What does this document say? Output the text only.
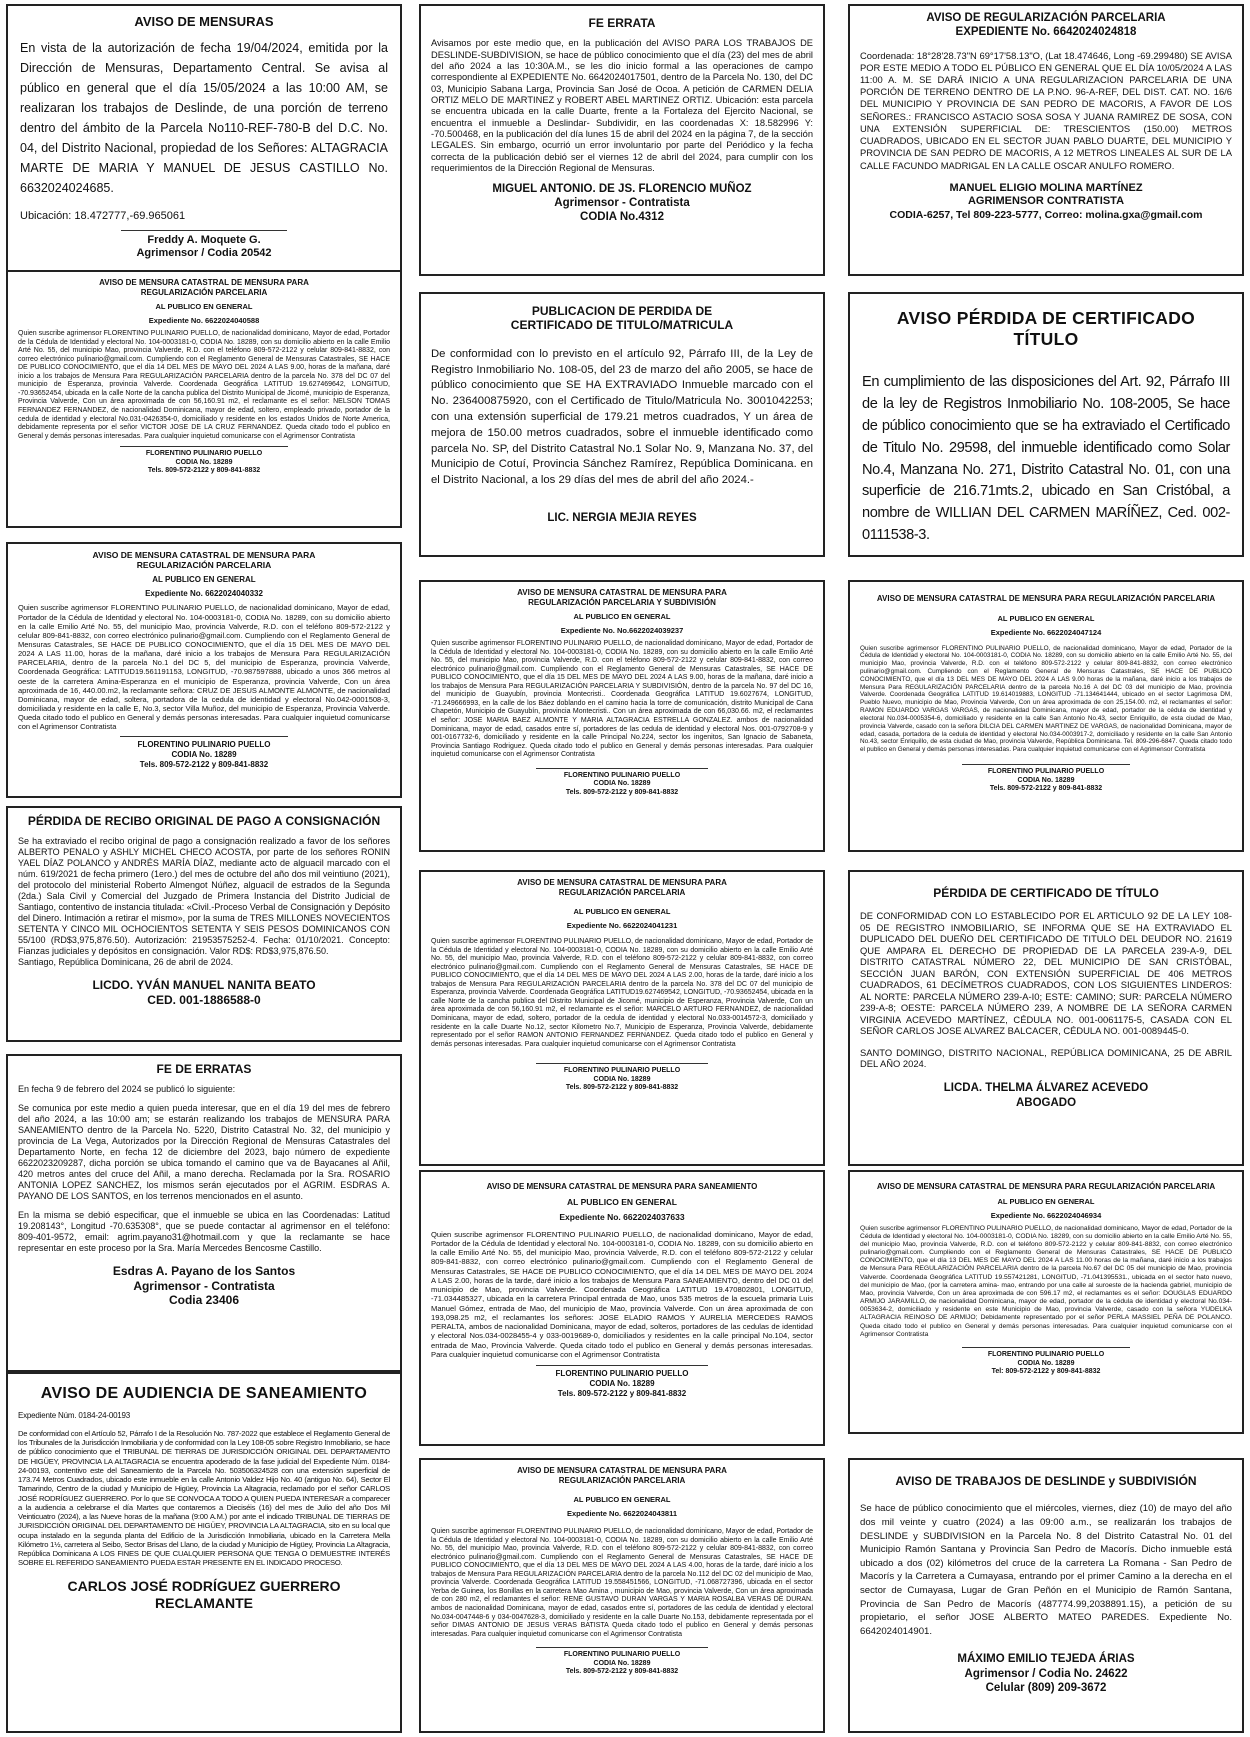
AVISO DE MENSURAS
En vista de la autorización de fecha 19/04/2024, emitida por la Dirección de Mensuras, Departamento Central. Se avisa al público en general que el día 15/05/2024 a las 10:00 AM, se realizaran los trabajos de Deslinde, de una porción de terreno dentro del ámbito de la Parcela No110-REF-780-B del D.C. No. 04, del Distrito Nacional, propiedad de los Señores: ALTAGRACIA MARTE DE MARIA Y MANUEL DE JESUS CASTILLO No. 6632024024685.
Ubicación: 18.472777,-69.965061
Freddy A. Moquete G.
Agrimensor / Codia 20542
AVISO DE MENSURA CATASTRAL DE MENSURA PARA
REGULARIZACIÓN PARCELARIA
AL PUBLICO EN GENERAL
Expediente No. 6622024040588
Quien suscribe agrimensor FLORENTINO PULINARIO PUELLO, de nacionalidad dominicano, Mayor de edad, Portador de la Cédula de Identidad y electoral No. 104-0003181-0, CODIA No. 18289, con su domicilio abierto en la calle Emilio Arté No. 55, del municipio Mao, provincia Valverde, R.D. con el teléfono 809-572-2122 y celular 809-841-8832, con correo electrónico pulinario@gmail.com. Cumpliendo con el Reglamento General de Mensuras Catastrales, SE HACE DE PUBLICO CONOCIMIENTO, que el día 14 DEL MES DE MAYO DEL 2024 A LAS 9.00, horas de la mañana, daré inicio a los trabajos de Mensura Para REGULARIZACIÓN PARCELARIA dentro de la parcela No. 378 del DC 07 del municipio de Esperanza, provincia Valverde. Coordenada Geográfica LATITUD 19.627469642, LONGITUD, -70.93652454, ubicada en la calle Norte de la cancha publica del Distrito Municipal de Jicomé, municipio de Esperanza, Provincia Valverde, Con un área aproximada de con 56,160.91 m2, el reclamante es el señor: NELSON TOMAS FERNANDEZ FERNANDEZ, de nacionalidad Dominicana, mayor de edad, soltero, empleado privado, portador de la cedula de identidad y electoral No.031-0426354-0, domiciliado y residente en los estados Unidos de Norte America, debidamente representa por el señor VICTOR JOSE DE LA CRUZ FERNANDEZ. Queda citado todo el publico en General y demás personas interesadas. Para cualquier inquietud comunicarse con el Agrimensor Contratista
FLORENTINO PULINARIO PUELLO
CODIA No. 18289
Tels. 809-572-2122 y 809-841-8832
AVISO DE MENSURA CATASTRAL DE MENSURA PARA
REGULARIZACIÓN PARCELARIA
AL PUBLICO EN GENERAL
Expediente No. 6622024040332
Quien suscribe agrimensor FLORENTINO PULINARIO PUELLO, de nacionalidad dominicano, Mayor de edad, Portador de la Cédula de Identidad y electoral No. 104-0003181-0, CODIA No. 18289, con su domicilio abierto en la calle Emilio Arté No. 55, del municipio Mao, provincia Valverde, R.D. con el teléfono 809-572-2122 y celular 809-841-8832, con correo electrónico pulinario@gmail.com. Cumpliendo con el Reglamento General de Mensuras Catastrales, SE HACE DE PUBLICO CONOCIMIENTO, que el día 15 DEL MES DE MAYO DEL 2024 A LAS 11.00, horas de la mañana, daré inicio a los trabajos de Mensura Para REGULARIZACIÓN PARCELARIA, dentro de la parcela No.1 del DC 5, del municipio de Esperanza, provincia Valverde, Coordenada Geográfica: LATITUD19.561191153, LONGITUD, -70.987597888, ubicado a unos 366 metros al oeste de la carretera Amina-Esperanza en el municipio de Esperanza, provincia Valverde, Con un área aproximada de 16, 440.00.m2, la reclamante señora: CRUZ DE JESUS ALMONTE ALMONTE, de nacionalidad Dominicana, mayor de edad, soltera, portadora de la cedula de identidad y electoral No.042-0001508-3, domiciliada y residente en la calle E, No.3, sector Villa Muñoz, del municipio de Esperanza, Provincia Valverde. Queda citado todo el publico en General y demás personas interesadas. Para cualquier inquietud comunicarse con el Agrimensor Contratista
FLORENTINO PULINARIO PUELLO
CODIA No. 18289
Tels. 809-572-2122 y 809-841-8832
PÉRDIDA DE RECIBO ORIGINAL DE PAGO A CONSIGNACIÓN
Se ha extraviado el recibo original de pago a consignación realizado a favor de los señores ALBERTO PENALO y ASHLY MICHEL CHECO ACOSTA, por parte de los señores RONIN YAEL DÍAZ POLANCO y ANDRÉS MARÍA DÍAZ, mediante acto de alguacil marcado con el núm. 619/2021 de fecha primero (1ero.) del mes de octubre del año dos mil veintiuno (2021), del protocolo del ministerial Roberto Almengot Núñez, alguacil de estrados de la Segunda (2da.) Sala Civil y Comercial del Juzgado de Primera Instancia del Distrito Judicial de Santiago, contentivo de instancia titulada: «Civil.-Proceso Verbal de Consignación y Depósito del Dinero. Intimación a retirar el mismo», por la suma de TRES MILLONES NOVECIENTOS SETENTA Y CINCO MIL OCHOCIENTOS SETENTA Y SEIS PESOS DOMINICANOS CON 55/100 (RD$3,975,876.50). Autorización: 21953575252-4. Fecha: 01/10/2021. Concepto: Fianzas judiciales y depósitos en consignación. Valor RD$: RD$3,975,876.50.
Santiago, República Dominicana, 26 de abril de 2024.
LICDO. YVÁN MANUEL NANITA BEATO
CED. 001-1886588-0
FE DE ERRATAS
En fecha 9 de febrero del 2024 se publicó lo siguiente:
Se comunica por este medio a quien pueda interesar, que en el día 19 del mes de febrero del año 2024, a las 10:00 am; se estarán realizando los trabajos de MENSURA PARA SANEAMIENTO dentro de la Parcela No. 5220, Distrito Catastral No. 32, del municipio y provincia de La Vega, Autorizados por la Dirección Regional de Mensuras Catastrales del Departamento Norte, en fecha 12 de diciembre del 2023, bajo número de expediente 6622023209287, dicha porción se ubica tomando el camino que va de Bayacanes al Añil, 420 metros antes del cruce del Añil, a mano derecha. Reclamada por la Sra. ROSARIO ANTONIA LOPEZ SANCHEZ, los mismos serán ejecutados por el AGRIM. ESDRAS A. PAYANO DE LOS SANTOS, en los terrenos mencionados en el asunto.
En la misma se debió especificar, que el inmueble se ubica en las Coordenadas: Latitud 19.208143°, Longitud -70.635308°, que se puede contactar al agrimensor en el teléfono: 809-401-9572, email: agrim.payano31@hotmail.com y que la reclamante se hace representar en este proceso por la Sra. María Mercedes Bencosme Castillo.
Esdras A. Payano de los Santos
Agrimensor - Contratista
Codia 23406
AVISO DE AUDIENCIA DE SANEAMIENTO
Expediente Núm. 0184-24-00193
De conformidad con el Artículo 52, Párrafo I de la Resolución No. 787-2022 que establece el Reglamento General de los Tribunales de la Jurisdicción Inmobiliaria y de conformidad con la Ley 108-05 sobre Registro Inmobiliario, se hace de público conocimiento que el TRIBUNAL DE TIERRAS DE JURISDICCIÓN ORIGINAL DEL DEPARTAMENTO DE HIGÜEY, PROVINCIA LA ALTAGRACIA se encuentra apoderado de la fase judicial del Expediente Núm. 0184-24-00193, contentivo este del Saneamiento de la Parcela No. 503506324528 con una extensión superficial de 173.74 Metros Cuadrados, ubicado este inmueble en la calle Antonio Valdez Hijo No. 40 (antiguo No. 64), Sector El Tamarindo, Centro de la ciudad y Municipio de Higüey, Provincia La Altagracia, reclamado por el señor CARLOS JOSÉ RODRÍGUEZ GUERRERO. Por lo que SE CONVOCA A TODO A QUIEN PUEDA INTERESAR a comparecer a la audiencia a celebrarse el día Martes que contaremos a Dieciséis (16) del mes de Julio del año Dos Mil Veinticuatro (2024), a las Nueve horas de la mañana (9:00 A.M.) por ante el indicado TRIBUNAL DE TIERRAS DE JURISDICCIÓN ORIGINAL DEL DEPARTAMENTO DE HIGÜEY, PROVINCIA LA ALTAGRACIA, sito en su local que ocupa instalado en la segunda planta del Edificio de la Jurisdicción Inmobiliaria, ubicado en la Carretera Mella Kilómetro 1½, carretera al Seibo, Sector Brisas del Llano, de la ciudad y Municipio de Higüey, Provincia La Altagracia, República Dominicana A LOS FINES DE QUE CUALQUIER PERSONA QUE TENGA O DEMUESTRE INTERÉS SOBRE EL REFERIDO SANEAMIENTO PUEDA ESTAR PRESENTE EN EL INDICADO PROCESO.
CARLOS JOSÉ RODRÍGUEZ GUERRERO
RECLAMANTE
FE ERRATA
Avisamos por este medio que, en la publicación del AVISO PARA LOS TRABAJOS DE DESLINDE-SUBDIVISION, se hace de público conocimiento que el día (23) del mes de abril del año 2024 a las 10:30A.M., se les dio inicio formal a las operaciones de campo correspondiente al EXPEDIENTE No. 6642024017501, dentro de la Parcela No. 130, del DC 03, Municipio Sabana Larga, Provincia San José de Ocoa. A petición de CARMEN DELIA ORTIZ MELO DE MARTINEZ y ROBERT ABEL MARTINEZ ORTIZ. Ubicación: esta parcela se encuentra ubicada en la calle Duarte, frente a la Fortaleza del Ejercito Nacional, se encuentra el inmueble a Deslindar- Subdividir, en las coordenadas X: 18.582996 Y: -70.500468, en la publicación del día lunes 15 de abril del 2024 en la página 7, de la sección LEGALES. Sin embargo, ocurrió un error involuntario por parte del Periódico y la fecha correcta de la publicación debió ser el viernes 12 de abril del 2024, para cumplir con los requerimientos de la Dirección Regional de Mensuras.
MIGUEL ANTONIO. DE JS. FLORENCIO MUÑOZ
Agrimensor - Contratista
CODIA No.4312
PUBLICACION DE PERDIDA DE
CERTIFICADO DE TITULO/MATRICULA
De conformidad con lo previsto en el artículo 92, Párrafo III, de la Ley de Registro Inmobiliario No. 108-05, del 23 de marzo del año 2005, se hace de público conocimiento que SE HA EXTRAVIADO Inmueble marcado con el No. 236400875920, con el Certificado de Titulo/Matricula No. 3001042253; con una extensión superficial de 179.21 metros cuadrados, Y un área de mejora de 150.00 metros cuadrados, sobre el inmueble identificado como parcela No. SP, del Distrito Catastral No.1 Solar No. 9, Manzana No. 37, del Municipio de Cotuí, Provincia Sánchez Ramírez, República Dominicana. en el Distrito Nacional, a los 29 días del mes de abril del año 2024.-
LIC. NERGIA MEJIA REYES
AVISO DE MENSURA CATASTRAL DE MENSURA PARA
REGULARIZACIÓN PARCELARIA Y SUBDIVISIÓN
AL PUBLICO EN GENERAL
Expediente No. No.6622024039237
Quien suscribe agrimensor FLORENTINO PULINARIO PUELLO, de nacionalidad dominicano, Mayor de edad, Portador de la Cédula de Identidad y electoral No. 104-0003181-0, CODIA No. 18289, con su domicilio abierto en la calle Emilio Arté No. 55, del municipio Mao, provincia Valverde, R.D. con el teléfono 809-572-2122 y celular 809-841-8832, con correo electrónico pulinario@gmail.com. Cumpliendo con el Reglamento General de Mensuras Catastrales, SE HACE DE PUBLICO CONOCIMIENTO, que el día 15 DEL MES DE MAYO DEL 2024 A LAS 9.00, horas de la mañana, daré inicio a los trabajos de Mensura Para REGULARIZACIÓN PARCELARIA Y SUBDIVISIÓN, dentro de la parcela No. 97 del DC 16, del municipio de Guayubín, provincia Montecristi.. Coordenada Geográfica LATITUD 19.6027674, LONGITUD, -71.249666993, en la calle de los Báez doblando en el camino hacia la torre de comunicación, distrito Municipal de Cana Chapetón, Municipio de Guayubín, provincia Montecristi.. Con un área aproximada de con 66,030.66. m2, el reclamantes el señor: JOSE MARIA BAEZ ALMONTE Y MARIA ALTAGRACIA ESTRELLA GONZALEZ. ambos de nacionalidad Dominicana, mayor de edad, casados entre sí, portadores de las cedula de identidad y electoral Nos. 001-0792708-9 y 001-0167732-6, domiciliado y residente en la calle Principal No.224, sector los ingenitos, San Ignacio de Sabaneta, Provincia Santiago Rodriguez. Queda citado todo el publico en General y demás personas interesadas. Para cualquier inquietud comunicarse con el Agrimensor Contratista
FLORENTINO PULINARIO PUELLO
CODIA No. 18289
Tels. 809-572-2122 y 809-841-8832
AVISO DE MENSURA CATASTRAL DE MENSURA PARA
REGULARIZACIÓN PARCELARIA
AL PUBLICO EN GENERAL
Expediente No. 6622024041231
Quien suscribe agrimensor FLORENTINO PULINARIO PUELLO, de nacionalidad dominicano, Mayor de edad, Portador de la Cédula de Identidad y electoral No. 104-0003181-0, CODIA No. 18289, con su domicilio abierto en la calle Emilio Arté No. 55, del municipio Mao, provincia Valverde, R.D. con el teléfono 809-572-2122 y celular 809-841-8832, con correo electrónico pulinario@gmail.com. Cumpliendo con el Reglamento General de Mensuras Catastrales, SE HACE DE PUBLICO CONOCIMIENTO, que el día 14 DEL MES DE MAYO DEL 2024 A LAS 2.00, horas de la tarde, daré inicio a los trabajos de Mensura Para REGULARIZACIÓN PARCELARIA dentro de la parcela No. 378 del DC 07 del municipio de Esperanza, provincia Valverde. Coordenada Geográfica LATITUD19.627469542, LONGITUD, -70.93652454, ubicada en la calle Norte de la cancha publica del Distrito Municipal de Jicomé, municipio de Esperanza, Provincia Valverde, Con un área aproximada de con 56,160.91 m2, el reclamante es el señor: MARCELO ARTURO FERNANDEZ, de nacionalidad Dominicana, mayor de edad, soltero, portador de la cedula de identidad y electoral No.033-0014572-3, domiciliado y residente en la calle Duarte No.12, sector Kilometro No.7, Municipio de Esperanza, Provincia Valverde, debidamente representado por el señor RAMON ANTONIO FERNANDEZ FERNANDEZ. Queda citado todo el publico en General y demás personas interesadas. Para cualquier inquietud comunicarse con el Agrimensor Contratista
FLORENTINO PULINARIO PUELLO
CODIA No. 18289
Tels. 809-572-2122 y 809-841-8832
AVISO DE MENSURA CATASTRAL DE MENSURA PARA SANEAMIENTO
AL PUBLICO EN GENERAL
Expediente No. 6622024037633
Quien suscribe agrimensor FLORENTINO PULINARIO PUELLO, de nacionalidad dominicano, Mayor de edad, Portador de la Cédula de Identidad y electoral No. 104-0003181-0, CODIA No. 18289, con su domicilio abierto en la calle Emilio Arté No. 55, del municipio Mao, provincia Valverde, R.D. con el teléfono 809-572-2122 y celular 809-841-8832, con correo electrónico pulinario@gmail.com. Cumpliendo con el Reglamento General de Mensuras Catastrales, SE HACE DE PUBLICO CONOCIMIENTO, que el día 14 DEL MES DE MAYO DEL 2024 A LAS 2.00, horas de la tarde, daré inicio a los trabajos de Mensura Para SANEAMIENTO, dentro del DC 01 del municipio de Mao, provincia Valverde. Coordenada Geográfica LATITUD 19.470802801, LONGITUD, -71.034485327, ubicada en la carretera Principal entrada de Mao, unos 535 metros de la escuela primaria Luis Manuel Gómez, entrada de Mao, del municipio de Mao, provincia Valverde. Con un área aproximada de con 193,098.25 m2, el reclamantes los señores: JOSE ELADIO RAMOS Y AURELIA MERCEDES RAMOS PERALTA, ambos de nacionalidad Dominicana, mayor de edad, solteros, portadores de las cedulas de identidad y electoral Nos.034-0028455-4 y 033-0019689-0, domiciliados y residentes en la calle principal No.104, sector entrada de Mao, Provincia Valverde. Queda citado todo el publico en General y demás personas interesadas. Para cualquier inquietud comunicarse con el Agrimensor Contratista
FLORENTINO PULINARIO PUELLO
CODIA No. 18289
Tels. 809-572-2122 y 809-841-8832
AVISO DE MENSURA CATASTRAL DE MENSURA PARA
REGULARIZACIÓN PARCELARIA
AL PUBLICO EN GENERAL
Expediente No. 6622024043811
Quien suscribe agrimensor FLORENTINO PULINARIO PUELLO, de nacionalidad dominicano, Mayor de edad, Portador de la Cédula de Identidad y electoral No. 104-0003181-0, CODIA No. 18289, con su domicilio abierto en la calle Emilio Arté No. 55, del municipio Mao, provincia Valverde, R.D. con el teléfono 809-572-2122 y celular 809-841-8832, con correo electrónico pulinario@gmail.com. Cumpliendo con el Reglamento General de Mensuras Catastrales, SE HACE DE PUBLICO CONOCIMIENTO, que el día 13 DEL MES DE MAYO DEL 2024 A LAS 4.00, horas de la tarde, daré inicio a los trabajos de Mensura Para REGULARIZACIÓN PARCELARIA dentro de la parcela No.112 del DC 02 del municipio de Mao, provincia Valverde. Coordenada Geográfica LATITUD 19.558451566, LONGITUD, -71.068727396, ubicada en el sector Yerba de Guinea, los Bonillas en la carretera Mao Amina , municipio de Mao, provincia Valverde, Con un área aproximada de con 280 m2, el reclamantes el señor: RENE GUSTAVO DURAN VARGAS Y MARIA ROSALBA VERAS DE DURAN. ambos de nacionalidad Dominicana, mayor de edad, casados entre sí, portadores de las cedula de identidad y electoral No.034-0047448-6 y 034-0047628-3, domiciliado y residente en la calle Duarte No.153, debidamente representada por el señor DIMAS ANTONIO DE JESUS VERAS BATISTA Queda citado todo el publico en General y demás personas interesadas. Para cualquier inquietud comunicarse con el Agrimensor Contratista
FLORENTINO PULINARIO PUELLO
CODIA No. 18289
Tels. 809-572-2122 y 809-841-8832
AVISO DE REGULARIZACIÓN PARCELARIA
EXPEDIENTE No. 6642024024818
Coordenada: 18°28'28.73"N 69°17'58.13"O, (Lat 18.474646, Long -69.299480) SE AVISA POR ESTE MEDIO A TODO EL PÚBLICO EN GENERAL QUE EL DÍA 10/05/2024 A LAS 11:00 A. M. SE DARÁ INICIO A UNA REGULARIZACION PARCELARIA DE UNA PORCIÓN DE TERRENO DENTRO DE LA P.NO. 96-A-REF, DEL DIST. CAT. NO. 16/6 DEL MUNICIPIO Y PROVINCIA DE SAN PEDRO DE MACORIS, A FAVOR DE LOS SEÑORES.: FRANCISCO ASTACIO SOSA SOSA Y JUANA RAMIREZ DE SOSA, CON UNA EXTENSIÓN SUPERFICIAL DE: TRESCIENTOS (150.00) METROS CUADRADOS, UBICADO EN EL SECTOR JUAN PABLO DUARTE, DEL MUNICIPIO Y PROVINCIA DE SAN PEDRO DE MACORIS, A 12 METROS LINEALES AL SUR DE LA CALLE FACUNDO MADRIGAL EN LA CALLE OSCAR ANULFO ROMERO.
MANUEL ELIGIO MOLINA MARTÍNEZ
AGRIMENSOR CONTRATISTA
CODIA-6257, Tel 809-223-5777, Correo: molina.gxa@gmail.com
AVISO PÉRDIDA DE CERTIFICADO TÍTULO
En cumplimiento de las disposiciones del Art. 92, Párrafo III de la ley de Registros Inmobiliario No. 108-2005, Se hace de público conocimiento que se ha extraviado el Certificado de Titulo No. 29598, del inmueble identificado como Solar No.4, Manzana No. 271, Distrito Catastral No. 01, con una superficie de 216.71mts.2, ubicado en San Cristóbal, a nombre de WILLIAN DEL CARMEN MARÍÑEZ, Ced. 002-0111538-3.
AVISO DE MENSURA CATASTRAL DE MENSURA PARA REGULARIZACIÓN PARCELARIA
AL PUBLICO EN GENERAL
Expediente No. 6622024047124
Quien suscribe agrimensor FLORENTINO PULINARIO PUELLO, de nacionalidad dominicano, Mayor de edad, Portador de la Cédula de Identidad y electoral No. 104-0003181-0, CODIA No. 18289, con su domicilio abierto en la calle Emilio Arté No. 55, del municipio Mao, provincia Valverde, R.D. con el teléfono 809-572-2122 y celular 809-841-8832, con correo electrónico pulinario@gmail.com. Cumpliendo con el Reglamento General de Mensuras Catastrales, SE HACE DE PUBLICO CONOCIMIENTO, que el día 13 DEL MES DE MAYO DEL 2024 A LAS 9.00 horas de la mañana, daré inicio a los trabajos de Mensura Para REGULARIZACIÓN PARCELARIA dentro de la parcela No.16 A del DC 03 del municipio de Mao, provincia Valverde. Coordenada Geográfica LATITUD 19.614019883, LONGITUD -71.134641444, ubicado en el sector Lagrimosa DM, Pueblo Nuevo, municipio de Mao, Provincia Valverde, Con un área aproximada de con 25,154.00. m2, el reclamantes el señor: RAMON EDUARDO VARGAS VARGAS, de nacionalidad Dominicana, mayor de edad, portador de la cédula de identidad y electoral No.034-0005354-6, domiciliado y residente en la calle San Antonio No.43, sector Enriquillo, de esta ciudad de Mao, provincia Valverde, casado con la señora DILCIA DEL CARMEN MARTINEZ DE VARGAS, de nacionalidad Dominicana, mayor de edad, casada, portadora de la cedula de identidad y electoral No.034-0003917-2, domiciliado y residente en la calle San Antonio No.43, sector Enriquillo, de esta ciudad de Mao, provincia Valverde, República Dominicana. Tel. 809-296-6847. Queda citado todo el publico en General y demás personas interesadas. Para cualquier inquietud comunicarse con el Agrimensor Contratista
FLORENTINO PULINARIO PUELLO
CODIA No. 18289
Tels. 809-572-2122 y 809-841-8832
PÉRDIDA DE CERTIFICADO DE TÍTULO
DE CONFORMIDAD CON LO ESTABLECIDO POR EL ARTICULO 92 DE LA LEY 108-05 DE REGISTRO INMOBILIARIO, SE INFORMA QUE SE HA EXTRAVIADO EL DUPLICADO DEL DUEÑO DEL CERTIFICADO DE TITULO DEL DEUDOR NO. 21619 QUE AMPARA EL DERECHO DE PROPIEDAD DE LA PARCELA 239-A-9, DEL DISTRITO CATASTRAL NÚMERO 22, DEL MUNICIPIO DE SAN CRISTÓBAL, SECCIÓN JUAN BARÓN, CON EXTENSIÓN SUPERFICIAL DE 406 METROS CUADRADOS, 61 DECÍMETROS CUADRADOS, CON LOS SIGUIENTES LINDEROS: AL NORTE: PARCELA NÚMERO 239-A-I0; ESTE: CAMINO; SUR: PARCELA NÚMERO 239-A-8; OESTE: PARCELA NÚMERO 239, A NOMBRE DE LA SEÑORA CARMEN VIRGINIA ACEVEDO MARTÍNEZ, CÉDULA NO. 001-0061175-5, CASADA CON EL SEÑOR CARLOS JOSE ALVAREZ BALCACER, CÉDULA NO. 001-0089445-0.
SANTO DOMINGO, DISTRITO NACIONAL, REPÚBLICA DOMINICANA, 25 DE ABRIL DEL AÑO 2024.
LICDA. THELMA ÁLVAREZ ACEVEDO
ABOGADO
AVISO DE MENSURA CATASTRAL DE MENSURA PARA REGULARIZACIÓN PARCELARIA
AL PUBLICO EN GENERAL
Expediente No. 6622024046934
Quien suscribe agrimensor FLORENTINO PULINARIO PUELLO, de nacionalidad dominicano, Mayor de edad, Portador de la Cédula de Identidad y electoral No. 104-0003181-0, CODIA No. 18289, con su domicilio abierto en la calle Emilio Arté No. 55, del municipio Mao, provincia Valverde, R.D. con el teléfono 809-572-2122 y celular 809-841-8832, con correo electrónico pulinario@gmail.com. Cumpliendo con el Reglamento General de Mensuras Catastrales, SE HACE DE PUBLICO CONOCIMIENTO, que el día 13 DEL MES DE MAYO DEL 2024 A LAS 11.00 horas de la mañana, daré inicio a los trabajos de Mensura Para REGULARIZACIÓN PARCELARIA dentro de la parcela No.67 del DC 05 del municipio de Mao, provincia Valverde. Coordenada Geográfica LATITUD 19.557421281, LONGITUD, -71.041395531., ubicada en el sector hato nuevo, del municipio de Mao, (por la carretera amina- mao, entrando por una calle al suroeste de la hacienda gabriel, municipio de Mao, provincia Valverde, Con un área aproximada de con 596.17 m2, el reclamantes es el señor: DOUGLAS EDUARDO ARMIJO JARAMILLO, de nacionalidad Dominicana, mayor de edad, portador de la cédula de identidad y electoral No.034-0053634-2, domiciliado y residente en este Municipio de Mao, provincia Valverde, casado con la señora YUDELKA ALTAGRACIA REINOSO DE ARMIJO; Debidamente representado por el señor PERLA MASSIEL PEÑA DE POLANCO. Queda citado todo el publico en General y demás personas interesadas. Para cualquier inquietud comunicarse con el Agrimensor Contratista
FLORENTINO PULINARIO PUELLO
CODIA No. 18289
Tel: 809-572-2122 y 809-841-8832
AVISO DE TRABAJOS DE DESLINDE y SUBDIVISIÓN
Se hace de público conocimiento que el miércoles, viernes, diez (10) de mayo del año dos mil veinte y cuatro (2024) a las 09:00 a.m., se realizarán los trabajos de DESLINDE y SUBDIVISION en la Parcela No. 8 del Distrito Catastral No. 01 del Municipio Ramón Santana y Provincia San Pedro de Macorís. Dicho inmueble está ubicado a dos (02) kilómetros del cruce de la carretera La Romana - San Pedro de Macorís y la Carretera a Cumayasa, entrando por el primer Camino a la derecha en el sector de Cumayasa, Lugar de Gran Peñón en el Municipio de Ramón Santana, Provincia de San Pedro de Macorís (487774.99,2038891.15), a petición de su propietario, el señor JOSE ALBERTO MATEO PAREDES. Expediente No. 6642024014901.
MÁXIMO EMILIO TEJEDA ÁRIAS
Agrimensor / Codia No. 24622
Celular (809) 209-3672
